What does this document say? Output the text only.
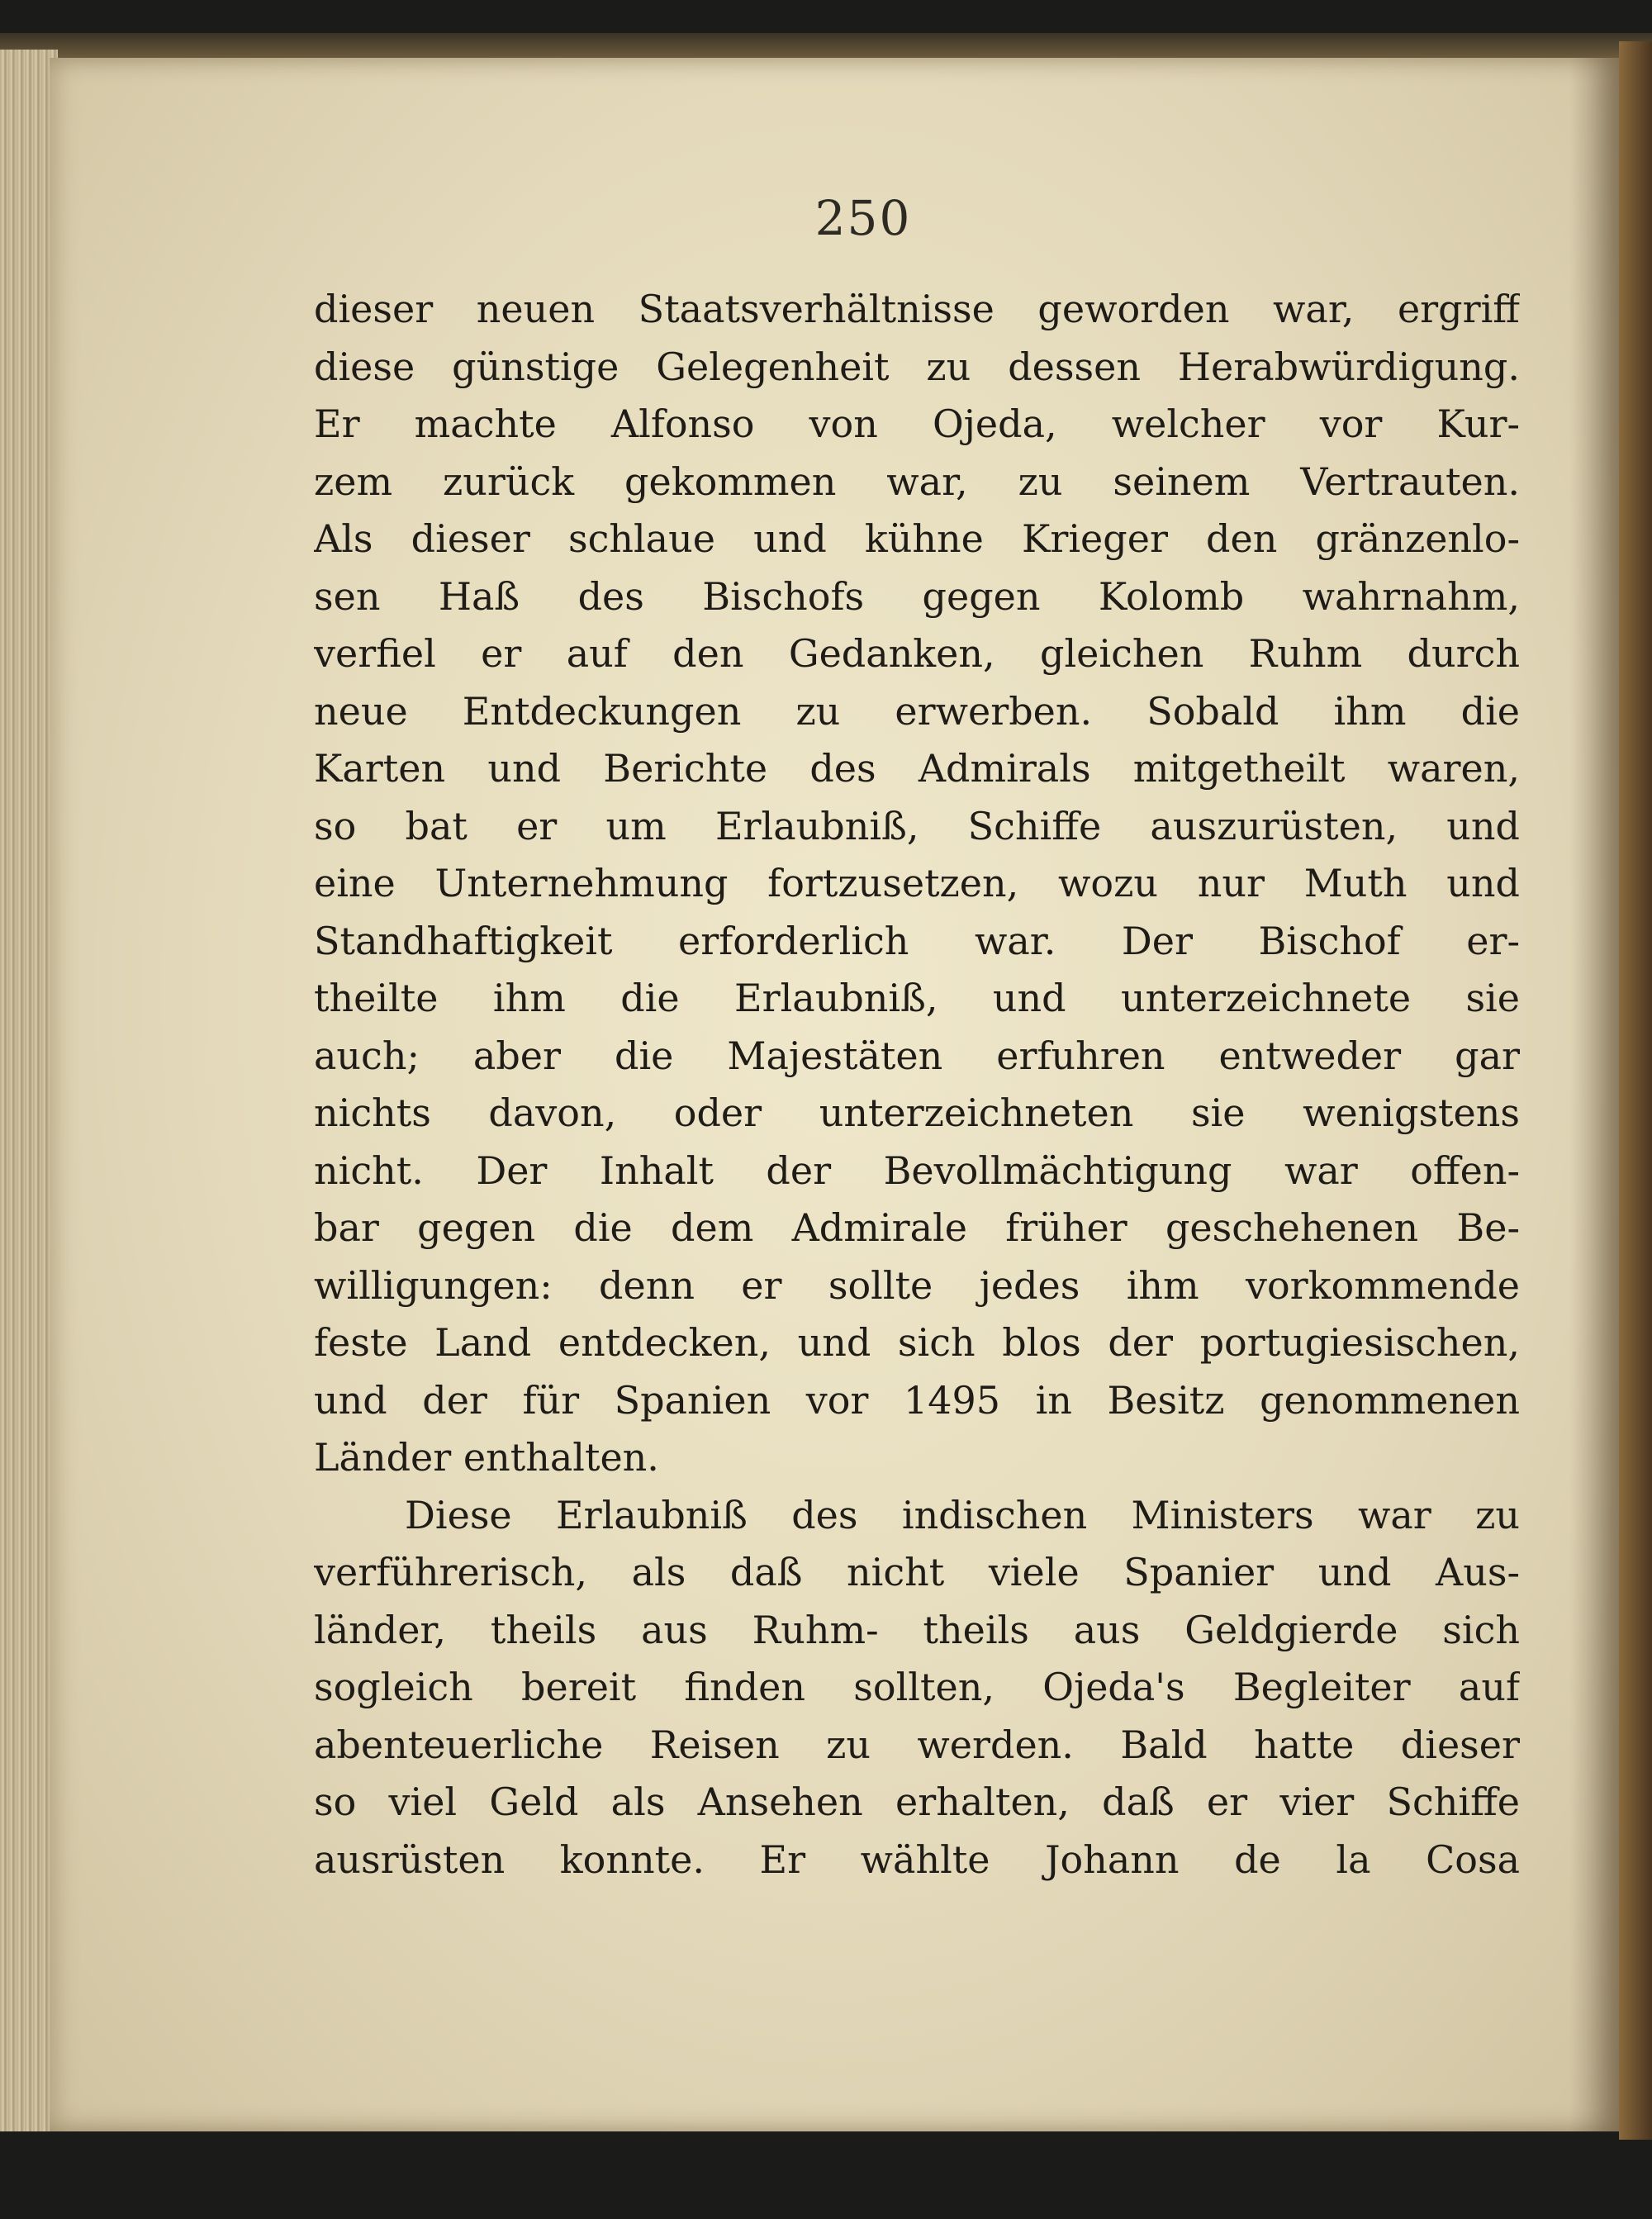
250
dieser neuen Staatsverhältnisse geworden war, ergriff
diese günstige Gelegenheit zu dessen Herabwürdigung.
Er machte Alfonso von Ojeda, welcher vor Kur-
zem zurück gekommen war, zu seinem Vertrauten.
Als dieser schlaue und kühne Krieger den gränzenlo-
sen Haß des Bischofs gegen Kolomb wahrnahm,
verfiel er auf den Gedanken, gleichen Ruhm durch
neue Entdeckungen zu erwerben. Sobald ihm die
Karten und Berichte des Admirals mitgetheilt waren,
so bat er um Erlaubniß, Schiffe auszurüsten, und
eine Unternehmung fortzusetzen, wozu nur Muth und
Standhaftigkeit erforderlich war. Der Bischof er-
theilte ihm die Erlaubniß, und unterzeichnete sie
auch; aber die Majestäten erfuhren entweder gar
nichts davon, oder unterzeichneten sie wenigstens
nicht. Der Inhalt der Bevollmächtigung war offen-
bar gegen die dem Admirale früher geschehenen Be-
willigungen: denn er sollte jedes ihm vorkommende
feste Land entdecken, und sich blos der portugiesischen,
und der für Spanien vor 1495 in Besitz genommenen
Länder enthalten.
Diese Erlaubniß des indischen Ministers war zu
verführerisch, als daß nicht viele Spanier und Aus-
länder, theils aus Ruhm- theils aus Geldgierde sich
sogleich bereit finden sollten, Ojeda's Begleiter auf
abenteuerliche Reisen zu werden. Bald hatte dieser
so viel Geld als Ansehen erhalten, daß er vier Schiffe
ausrüsten konnte. Er wählte Johann de la Cosa
